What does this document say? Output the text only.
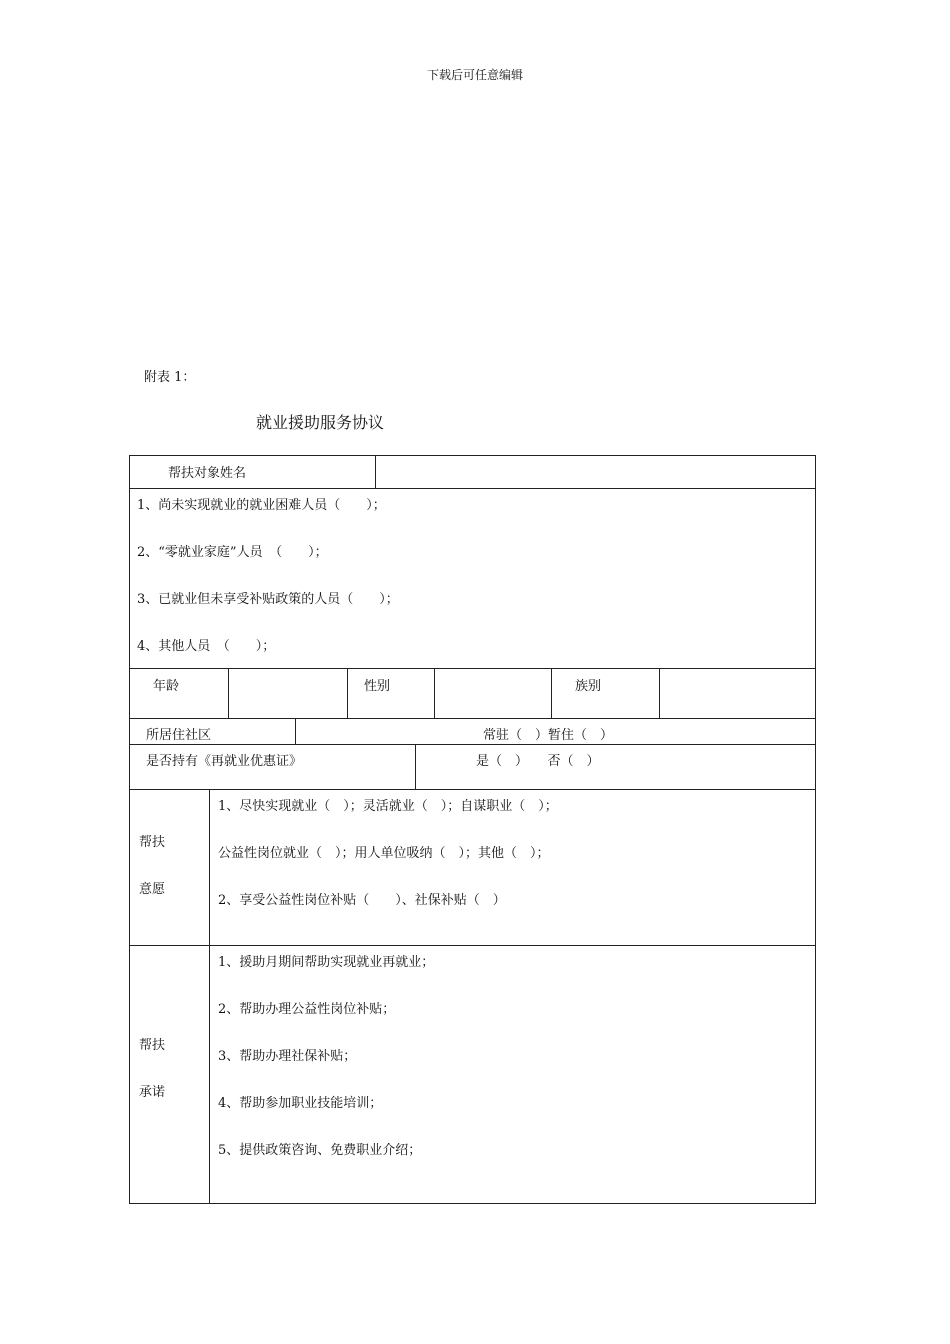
下载后可任意编辑
附表 1：
就业援助服务协议
帮扶对象姓名
1、尚未实现就业的就业困难人员（　　）；
2、“零就业家庭”人员　（　　）；
3、已就业但未享受补贴政策的人员（　　）；
4、其他人员　（　　）；
年龄	性别	族别
所居住社区	常驻（　）暂住（　）
是否持有《再就业优惠证》	是（　）　　否（　）
帮扶
意愿
1、尽快实现就业（　）；灵活就业（　）；自谋职业（　）；
公益性岗位就业（　）；用人单位吸纳（　）；其他（　）；
2、享受公益性岗位补贴（　　）、社保补贴（　）
帮扶
承诺
1、援助月期间帮助实现就业再就业；
2、帮助办理公益性岗位补贴；
3、帮助办理社保补贴；
4、帮助参加职业技能培训；
5、提供政策咨询、免费职业介绍；
